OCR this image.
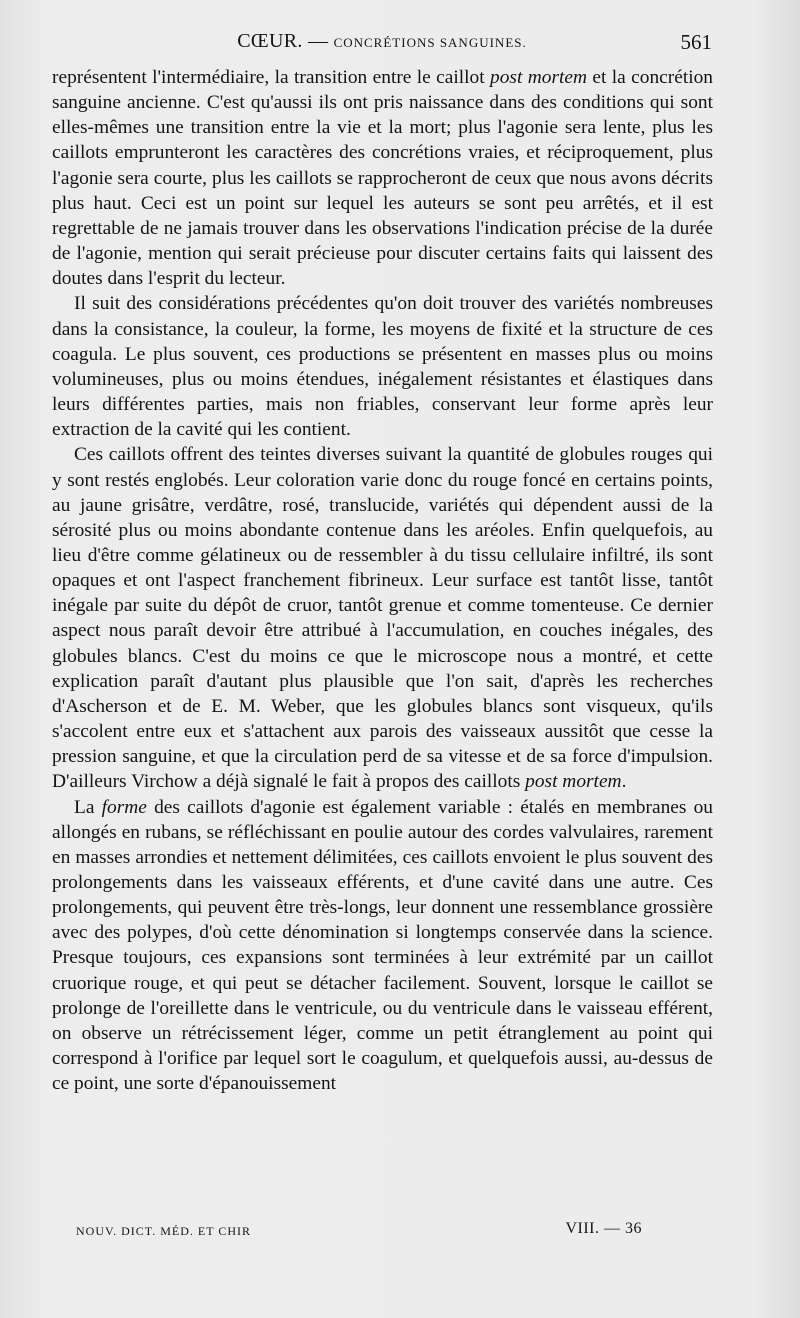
CŒUR. — CONCRÉTIONS SANGUINES.	561

représentent l'intermédiaire, la transition entre le caillot post mortem et la concrétion sanguine ancienne. C'est qu'aussi ils ont pris naissance dans des conditions qui sont elles-mêmes une transition entre la vie et la mort; plus l'agonie sera lente, plus les caillots emprunteront les caractères des concrétions vraies, et réciproquement, plus l'agonie sera courte, plus les caillots se rapprocheront de ceux que nous avons décrits plus haut. Ceci est un point sur lequel les auteurs se sont peu arrêtés, et il est regrettable de ne jamais trouver dans les observations l'indication précise de la durée de l'agonie, mention qui serait précieuse pour discuter certains faits qui laissent des doutes dans l'esprit du lecteur.

Il suit des considérations précédentes qu'on doit trouver des variétés nombreuses dans la consistance, la couleur, la forme, les moyens de fixité et la structure de ces coagula. Le plus souvent, ces productions se présentent en masses plus ou moins volumineuses, plus ou moins étendues, inégalement résistantes et élastiques dans leurs différentes parties, mais non friables, conservant leur forme après leur extraction de la cavité qui les contient.

Ces caillots offrent des teintes diverses suivant la quantité de globules rouges qui y sont restés englobés. Leur coloration varie donc du rouge foncé en certains points, au jaune grisâtre, verdâtre, rosé, translucide, variétés qui dépendent aussi de la sérosité plus ou moins abondante contenue dans les aréoles. Enfin quelquefois, au lieu d'être comme gélatineux ou de ressembler à du tissu cellulaire infiltré, ils sont opaques et ont l'aspect franchement fibrineux. Leur surface est tantôt lisse, tantôt inégale par suite du dépôt de cruor, tantôt grenue et comme tomenteuse. Ce dernier aspect nous paraît devoir être attribué à l'accumulation, en couches inégales, des globules blancs. C'est du moins ce que le microscope nous a montré, et cette explication paraît d'autant plus plausible que l'on sait, d'après les recherches d'Ascherson et de E. M. Weber, que les globules blancs sont visqueux, qu'ils s'accolent entre eux et s'attachent aux parois des vaisseaux aussitôt que cesse la pression sanguine, et que la circulation perd de sa vitesse et de sa force d'impulsion. D'ailleurs Virchow a déjà signalé le fait à propos des caillots post mortem.

La forme des caillots d'agonie est également variable : étalés en membranes ou allongés en rubans, se réfléchissant en poulie autour des cordes valvulaires, rarement en masses arrondies et nettement délimitées, ces caillots envoient le plus souvent des prolongements dans les vaisseaux efférents, et d'une cavité dans une autre. Ces prolongements, qui peuvent être très-longs, leur donnent une ressemblance grossière avec des polypes, d'où cette dénomination si longtemps conservée dans la science. Presque toujours, ces expansions sont terminées à leur extrémité par un caillot cruorique rouge, et qui peut se détacher facilement. Souvent, lorsque le caillot se prolonge de l'oreillette dans le ventricule, ou du ventricule dans le vaisseau efférent, on observe un rétrécissement léger, comme un petit étranglement au point qui correspond à l'orifice par lequel sort le coagulum, et quelquefois aussi, au-dessus de ce point, une sorte d'épanouissement

NOUV. DICT. MÉD. ET CHIR	VIII. — 36
